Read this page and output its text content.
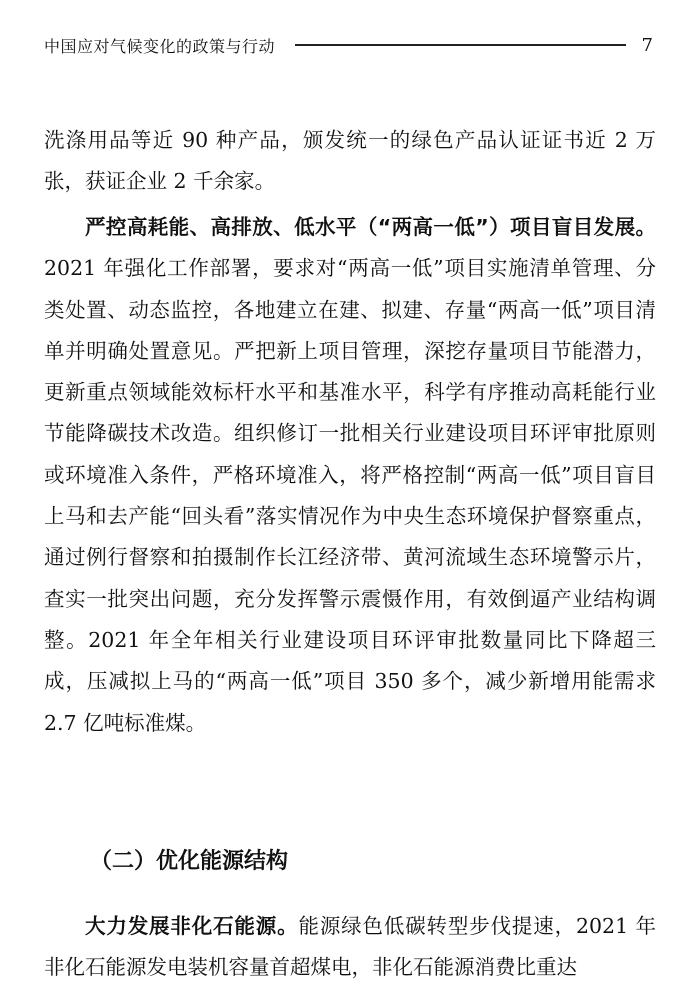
中国应对气候变化的政策与行动	7

洗涤用品等近 90 种产品，颁发统一的绿色产品认证证书近 2 万张，获证企业 2 千余家。

严控高耗能、高排放、低水平（“两高一低”）项目盲目发展。2021 年强化工作部署，要求对“两高一低”项目实施清单管理、分类处置、动态监控，各地建立在建、拟建、存量“两高一低”项目清单并明确处置意见。严把新上项目管理，深挖存量项目节能潜力，更新重点领域能效标杆水平和基准水平，科学有序推动高耗能行业节能降碳技术改造。组织修订一批相关行业建设项目环评审批原则或环境准入条件，严格环境准入，将严格控制“两高一低”项目盲目上马和去产能“回头看”落实情况作为中央生态环境保护督察重点，通过例行督察和拍摄制作长江经济带、黄河流域生态环境警示片，查实一批突出问题，充分发挥警示震慑作用，有效倒逼产业结构调整。2021 年全年相关行业建设项目环评审批数量同比下降超三成，压减拟上马的“两高一低”项目 350 多个，减少新增用能需求 2.7 亿吨标准煤。

（二）优化能源结构

大力发展非化石能源。能源绿色低碳转型步伐提速，2021 年非化石能源发电装机容量首超煤电，非化石能源消费比重达
